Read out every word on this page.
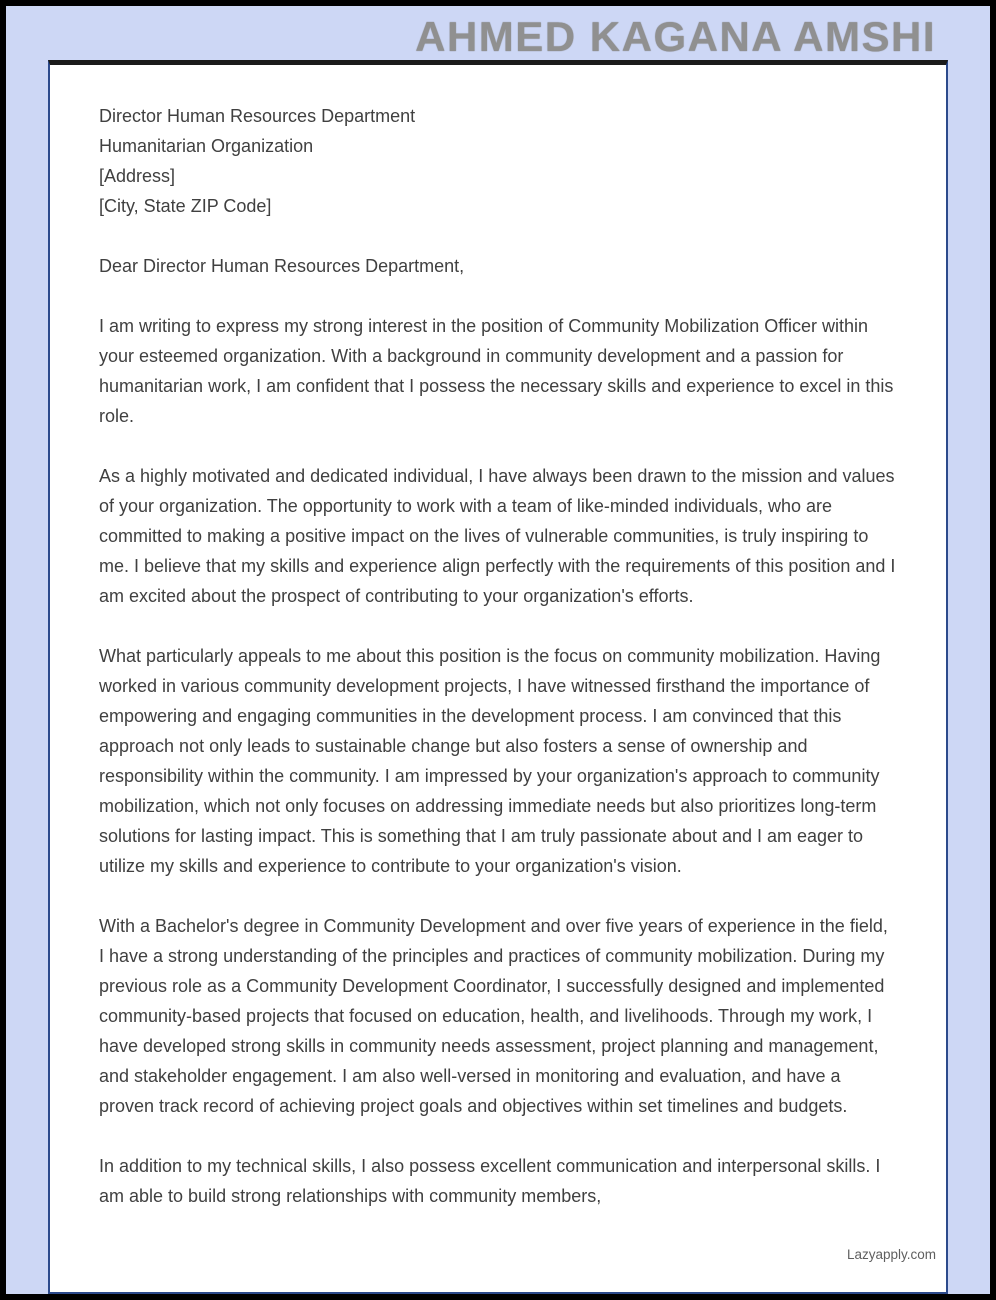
AHMED KAGANA AMSHI

Director Human Resources Department

Humanitarian Organization

[Address]

[City, State ZIP Code]

Dear Director Human Resources Department,

I am writing to express my strong interest in the position of Community Mobilization Officer within your esteemed organization. With a background in community development and a passion for humanitarian work, I am confident that I possess the necessary skills and experience to excel in this role.

As a highly motivated and dedicated individual, I have always been drawn to the mission and values of your organization. The opportunity to work with a team of like-minded individuals, who are committed to making a positive impact on the lives of vulnerable communities, is truly inspiring to me. I believe that my skills and experience align perfectly with the requirements of this position and I am excited about the prospect of contributing to your organization's efforts.

What particularly appeals to me about this position is the focus on community mobilization. Having worked in various community development projects, I have witnessed firsthand the importance of empowering and engaging communities in the development process. I am convinced that this approach not only leads to sustainable change but also fosters a sense of ownership and responsibility within the community. I am impressed by your organization's approach to community mobilization, which not only focuses on addressing immediate needs but also prioritizes long-term solutions for lasting impact. This is something that I am truly passionate about and I am eager to utilize my skills and experience to contribute to your organization's vision.

With a Bachelor's degree in Community Development and over five years of experience in the field, I have a strong understanding of the principles and practices of community mobilization. During my previous role as a Community Development Coordinator, I successfully designed and implemented community-based projects that focused on education, health, and livelihoods. Through my work, I have developed strong skills in community needs assessment, project planning and management, and stakeholder engagement. I am also well-versed in monitoring and evaluation, and have a proven track record of achieving project goals and objectives within set timelines and budgets.

In addition to my technical skills, I also possess excellent communication and interpersonal skills. I am able to build strong relationships with community members,

Lazyapply.com
